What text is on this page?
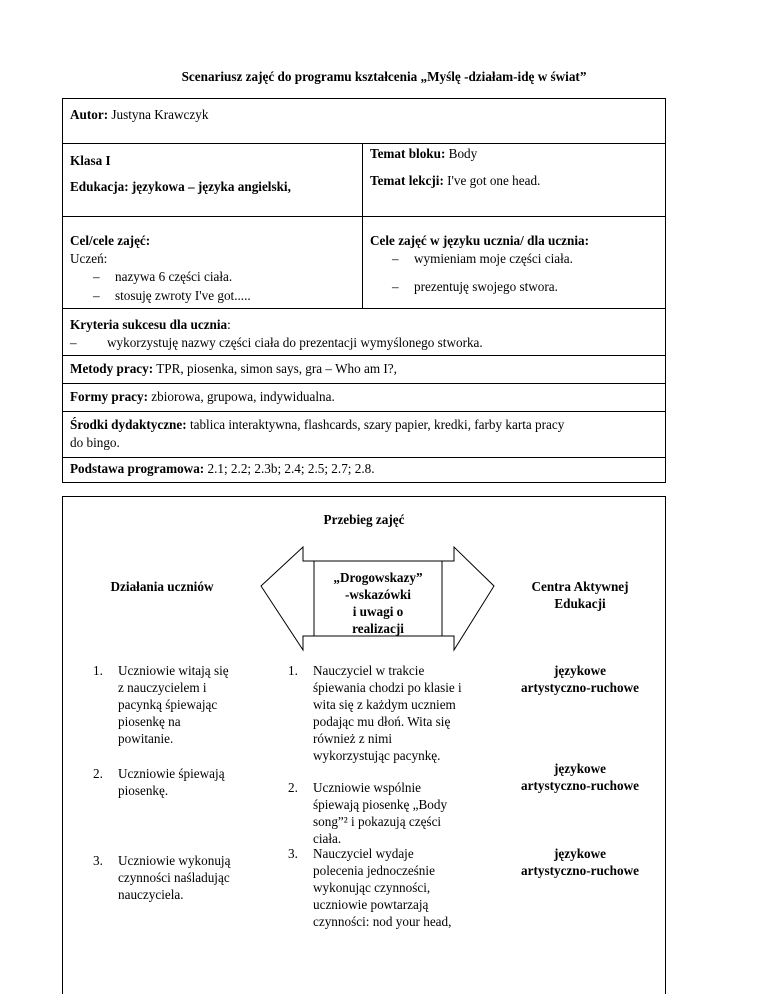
Scenariusz zajęć do programu kształcenia „Myślę -działam-idę w świat”
Autor: Justyna Krawczyk
Klasa I
Edukacja: językowa – języka angielski,
Temat bloku: Body
Temat lekcji: I've got one head.
Cel/cele zajęć:
Uczeń:
– nazywa 6 części ciała.
– stosuję zwroty I've got.....
Cele zajęć w języku ucznia/ dla ucznia:
– wymieniam moje części ciała.
– prezentuję swojego stwora.
Kryteria sukcesu dla ucznia:
– wykorzystuję nazwy części ciała do prezentacji wymyślonego stworka.
Metody pracy: TPR, piosenka, simon says, gra – Who am I?,
Formy pracy: zbiorowa, grupowa, indywidualna.
Środki dydaktyczne: tablica interaktywna, flashcards, szary papier, kredki, farby karta pracy
do bingo.
Podstawa programowa: 2.1; 2.2; 2.3b; 2.4; 2.5; 2.7; 2.8.
Przebieg zajęć
Działania uczniów
„Drogowskazy”
-wskazówki
i uwagi o
realizacji
Centra Aktywnej
Edukacji
1. Uczniowie witają się
z nauczycielem i
pacynką śpiewając
piosenkę na
powitanie.
2. Uczniowie śpiewają
piosenkę.
3. Uczniowie wykonują
czynności naśladując
nauczyciela.
1. Nauczyciel w trakcie
śpiewania chodzi po klasie i
wita się z każdym uczniem
podając mu dłoń. Wita się
również z nimi
wykorzystując pacynkę.
2. Uczniowie wspólnie
śpiewają piosenkę „Body
song”² i pokazują części
ciała.
3. Nauczyciel wydaje
polecenia jednocześnie
wykonując czynności,
uczniowie powtarzają
czynności: nod your head,
językowe
artystyczno-ruchowe
językowe
artystyczno-ruchowe
językowe
artystyczno-ruchowe
